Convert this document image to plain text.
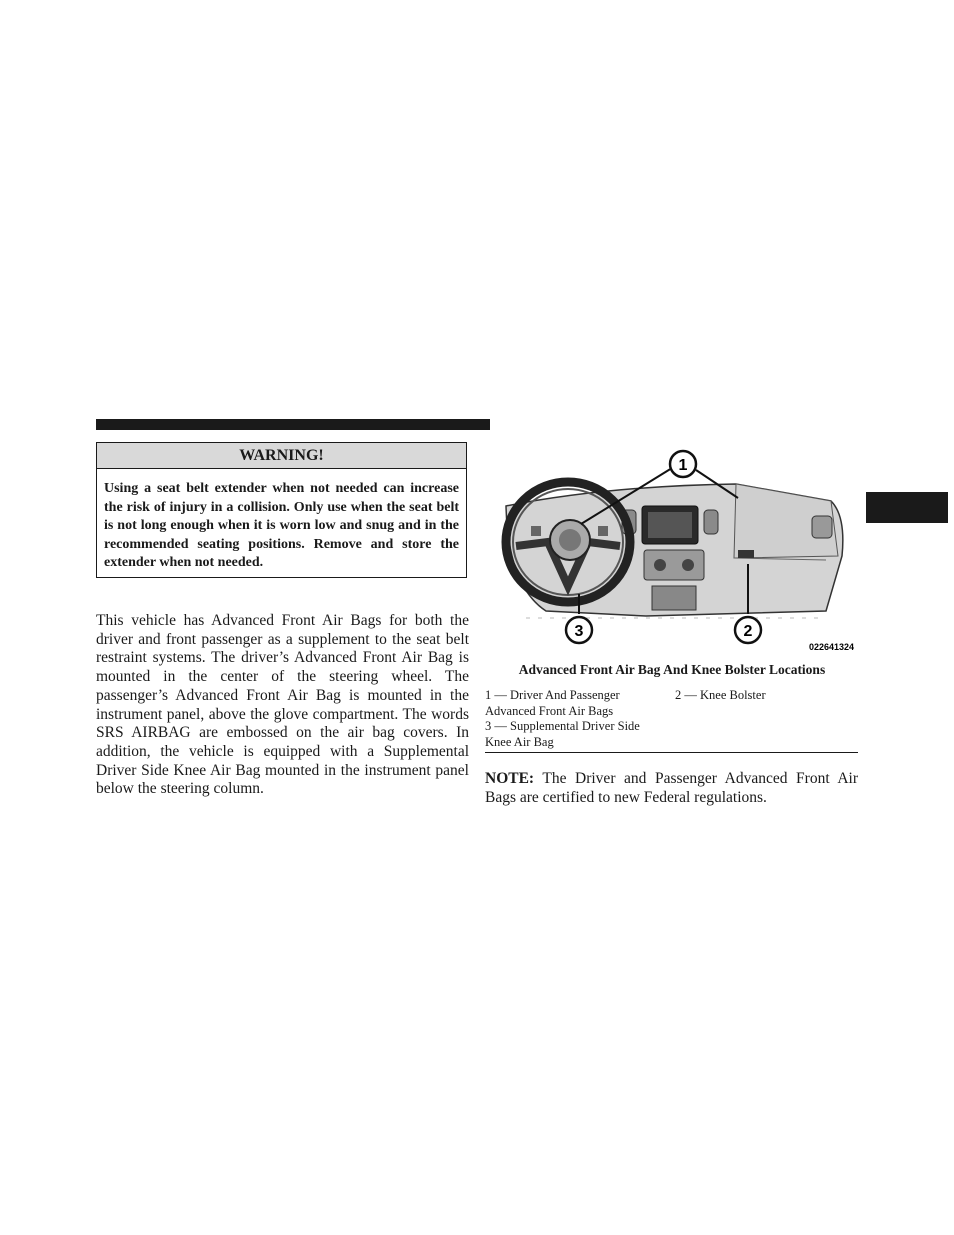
WARNING!
Using a seat belt extender when not needed can increase the risk of injury in a collision. Only use when the seat belt is not long enough when it is worn low and snug and in the recommended seating positions. Remove and store the extender when not needed.
This vehicle has Advanced Front Air Bags for both the driver and front passenger as a supplement to the seat belt restraint systems. The driver’s Advanced Front Air Bag is mounted in the center of the steering wheel. The passenger’s Advanced Front Air Bag is mounted in the instrument panel, above the glove compartment. The words SRS AIRBAG are embossed on the air bag covers. In addition, the vehicle is equipped with a Supplemental Driver Side Knee Air Bag mounted in the instrument panel below the steering column.
1
2
3
022641324
Advanced Front Air Bag And Knee Bolster Locations

1 — Driver And Passenger Advanced Front Air Bags

3 — Supplemental Driver Side Knee Air Bag

2 — Knee Bolster

NOTE: The Driver and Passenger Advanced Front Air Bags are certified to new Federal regulations.
